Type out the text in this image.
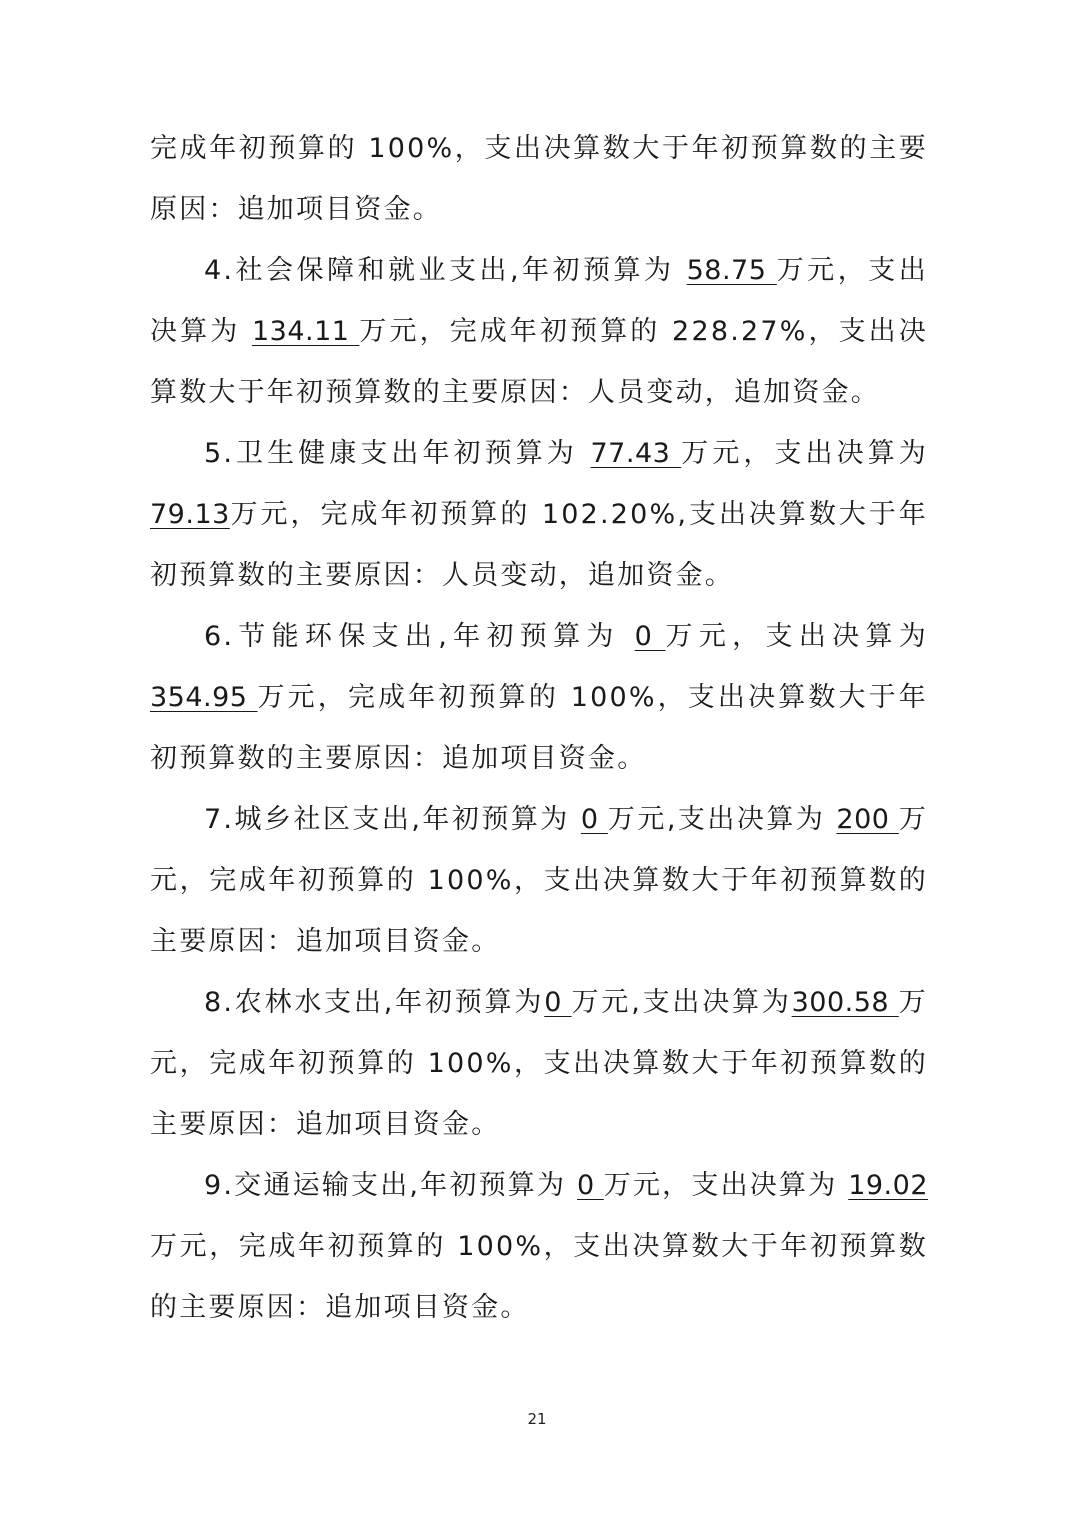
完成年初预算的 100%，支出决算数大于年初预算数的主要原因：追加项目资金。

4.社会保障和就业支出,年初预算为 58.75 万元，支出决算为 134.11 万元，完成年初预算的 228.27%，支出决算数大于年初预算数的主要原因：人员变动，追加资金。

5.卫生健康支出年初预算为 77.43 万元，支出决算为 79.13万元，完成年初预算的 102.20%,支出决算数大于年初预算数的主要原因：人员变动，追加资金。

6.节能环保支出,年初预算为 0 万元，支出决算为 354.95 万元，完成年初预算的 100%，支出决算数大于年初预算数的主要原因：追加项目资金。

7.城乡社区支出,年初预算为 0 万元,支出决算为 200 万元，完成年初预算的 100%，支出决算数大于年初预算数的主要原因：追加项目资金。

8.农林水支出,年初预算为0 万元,支出决算为300.58 万元，完成年初预算的 100%，支出决算数大于年初预算数的主要原因：追加项目资金。

9.交通运输支出,年初预算为 0 万元，支出决算为 19.02 万元，完成年初预算的 100%，支出决算数大于年初预算数的主要原因：追加项目资金。

21
